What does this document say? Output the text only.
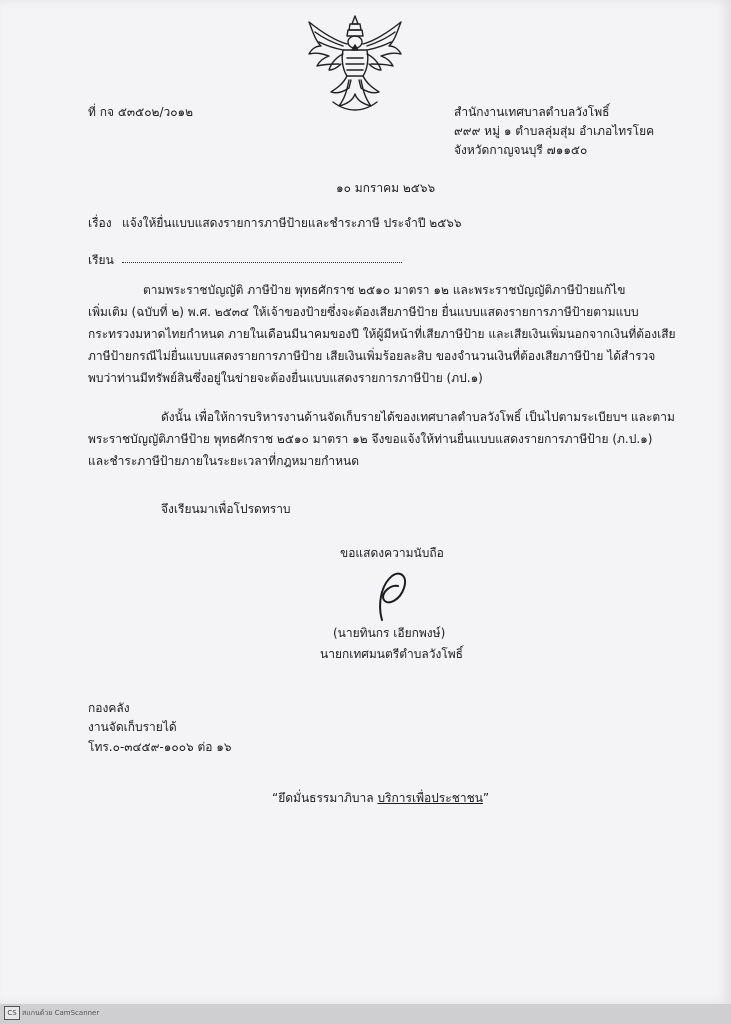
ที่ กจ ๕๓๕๐๒/ว๐๑๒	สำนักงานเทศบาลตำบลวังโพธิ์
๙๙๙ หมู่ ๑ ตำบลลุ่มสุ่ม อำเภอไทรโยค
จังหวัดกาญจนบุรี ๗๑๑๕๐
๑๐ มกราคม ๒๕๖๖
เรื่อง แจ้งให้ยื่นแบบแสดงรายการภาษีป้ายและชำระภาษี ประจำปี ๒๕๖๖
เรียน
ตามพระราชบัญญัติ ภาษีป้าย พุทธศักราช ๒๕๑๐ มาตรา ๑๒ และพระราชบัญญัติภาษีป้ายแก้ไข
เพิ่มเติม (ฉบับที่ ๒) พ.ศ. ๒๕๓๔ ให้เจ้าของป้ายซึ่งจะต้องเสียภาษีป้าย ยื่นแบบแสดงรายการภาษีป้ายตามแบบ
กระทรวงมหาดไทยกำหนด ภายในเดือนมีนาคมของปี ให้ผู้มีหน้าที่เสียภาษีป้าย และเสียเงินเพิ่มนอกจากเงินที่ต้องเสีย
ภาษีป้ายกรณีไม่ยื่นแบบแสดงรายการภาษีป้าย เสียเงินเพิ่มร้อยละสิบ ของจำนวนเงินที่ต้องเสียภาษีป้าย ได้สำรวจ
พบว่าท่านมีทรัพย์สินซึ่งอยู่ในข่ายจะต้องยื่นแบบแสดงรายการภาษีป้าย (ภป.๑)
ดังนั้น เพื่อให้การบริหารงานด้านจัดเก็บรายได้ของเทศบาลตำบลวังโพธิ์ เป็นไปตามระเบียบฯ และตาม
พระราชบัญญัติภาษีป้าย พุทธศักราช ๒๕๑๐ มาตรา ๑๒ จึงขอแจ้งให้ท่านยื่นแบบแสดงรายการภาษีป้าย (ภ.ป.๑)
และชำระภาษีป้ายภายในระยะเวลาที่กฎหมายกำหนด
จึงเรียนมาเพื่อโปรดทราบ
ขอแสดงความนับถือ
(นายทินกร เอียกพงษ์)
นายกเทศมนตรีตำบลวังโพธิ์
กองคลัง
งานจัดเก็บรายได้
โทร.๐-๓๔๕๙-๑๐๐๖ ต่อ ๑๖
“ยึดมั่นธรรมาภิบาล บริการเพื่อประชาชน”
CS สแกนด้วย CamScanner
